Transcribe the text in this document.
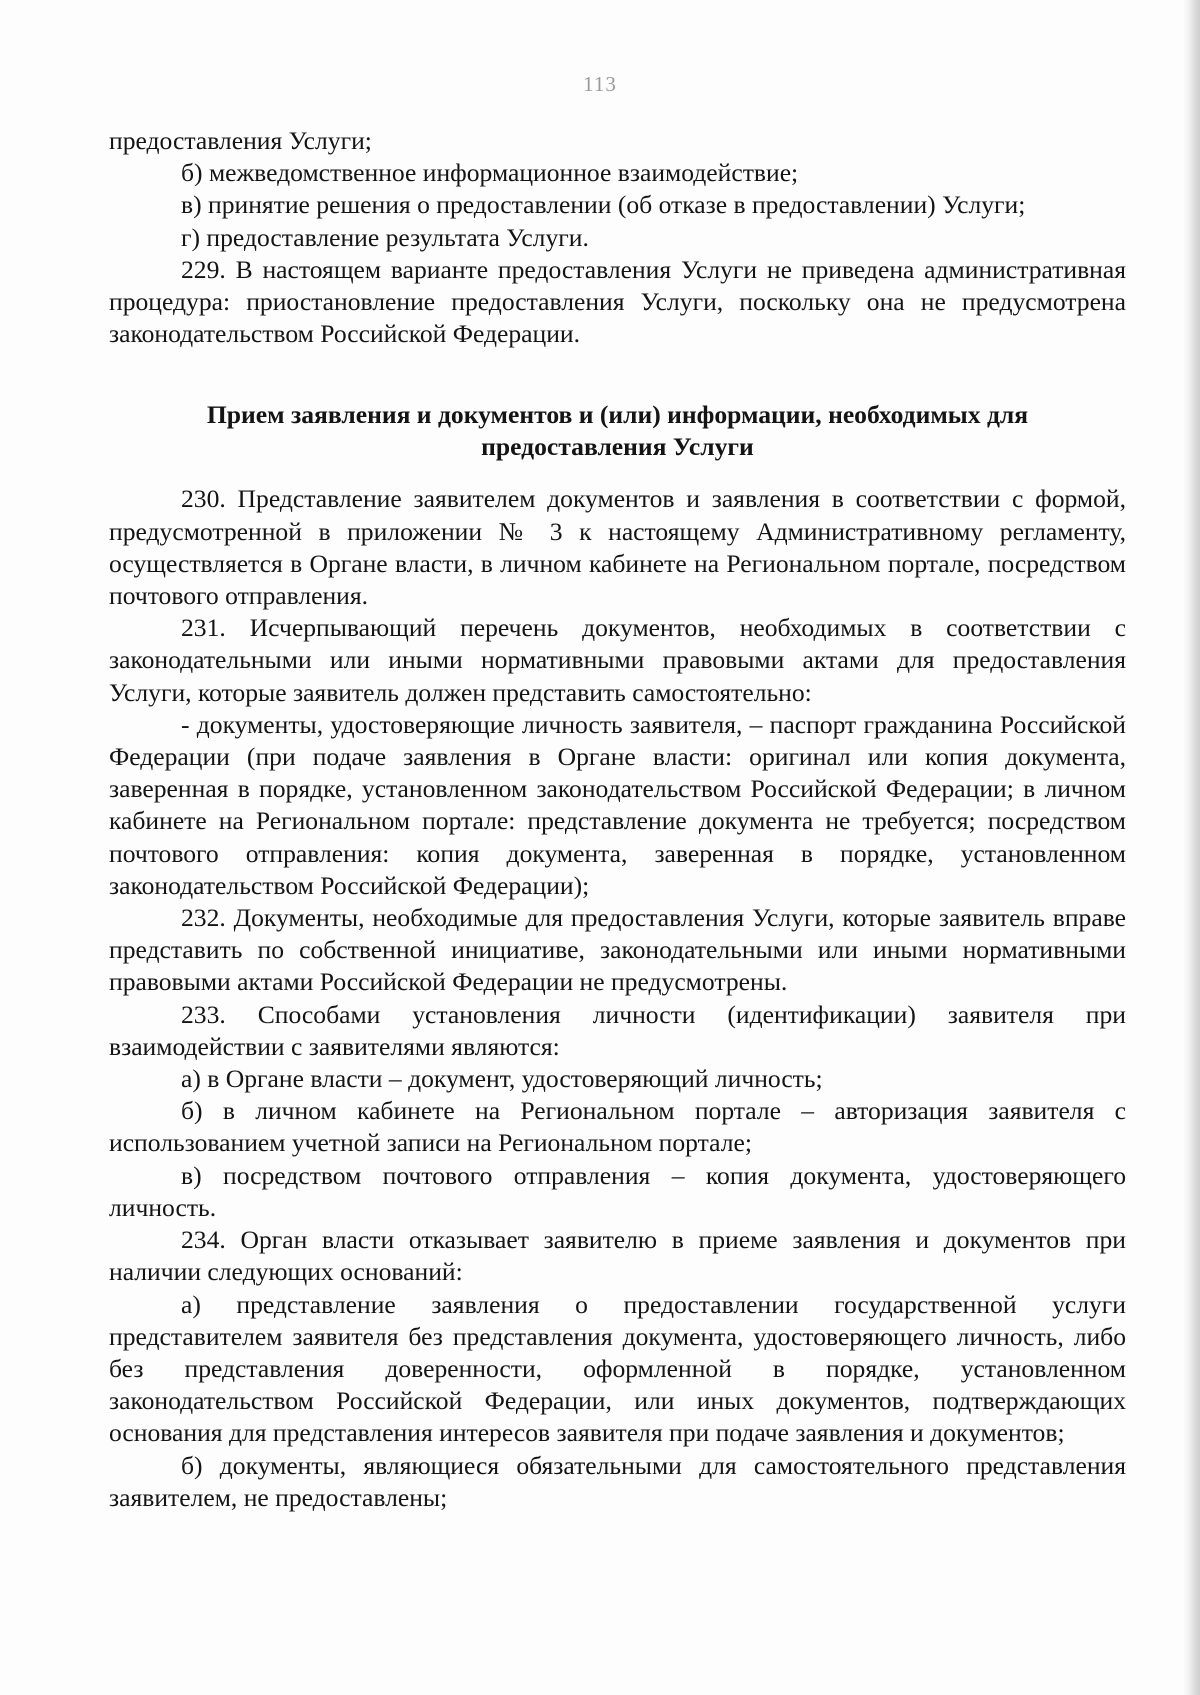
113

предоставления Услуги;

б) межведомственное информационное взаимодействие;

в) принятие решения о предоставлении (об отказе в предоставлении) Услуги;

г) предоставление результата Услуги.

229. В настоящем варианте предоставления Услуги не приведена административная процедура: приостановление предоставления Услуги, поскольку она не предусмотрена законодательством Российской Федерации.

Прием заявления и документов и (или) информации, необходимых для
предоставления Услуги

230. Представление заявителем документов и заявления в соответствии с формой, предусмотренной в приложении № 3 к настоящему Административному регламенту, осуществляется в Органе власти, в личном кабинете на Региональном портале, посредством почтового отправления.

231. Исчерпывающий перечень документов, необходимых в соответствии с законодательными или иными нормативными правовыми актами для предоставления Услуги, которые заявитель должен представить самостоятельно:

- документы, удостоверяющие личность заявителя, – паспорт гражданина Российской Федерации (при подаче заявления в Органе власти: оригинал или копия документа, заверенная в порядке, установленном законодательством Российской Федерации; в личном кабинете на Региональном портале: представление документа не требуется; посредством почтового отправления: копия документа, заверенная в порядке, установленном законодательством Российской Федерации);

232. Документы, необходимые для предоставления Услуги, которые заявитель вправе представить по собственной инициативе, законодательными или иными нормативными правовыми актами Российской Федерации не предусмотрены.

233. Способами установления личности (идентификации) заявителя при взаимодействии с заявителями являются:

а) в Органе власти – документ, удостоверяющий личность;

б) в личном кабинете на Региональном портале – авторизация заявителя с использованием учетной записи на Региональном портале;

в) посредством почтового отправления – копия документа, удостоверяющего личность.

234. Орган власти отказывает заявителю в приеме заявления и документов при наличии следующих оснований:

а) представление заявления о предоставлении государственной услуги представителем заявителя без представления документа, удостоверяющего личность, либо без представления доверенности, оформленной в порядке, установленном законодательством Российской Федерации, или иных документов, подтверждающих основания для представления интересов заявителя при подаче заявления и документов;

б) документы, являющиеся обязательными для самостоятельного представления заявителем, не предоставлены;
